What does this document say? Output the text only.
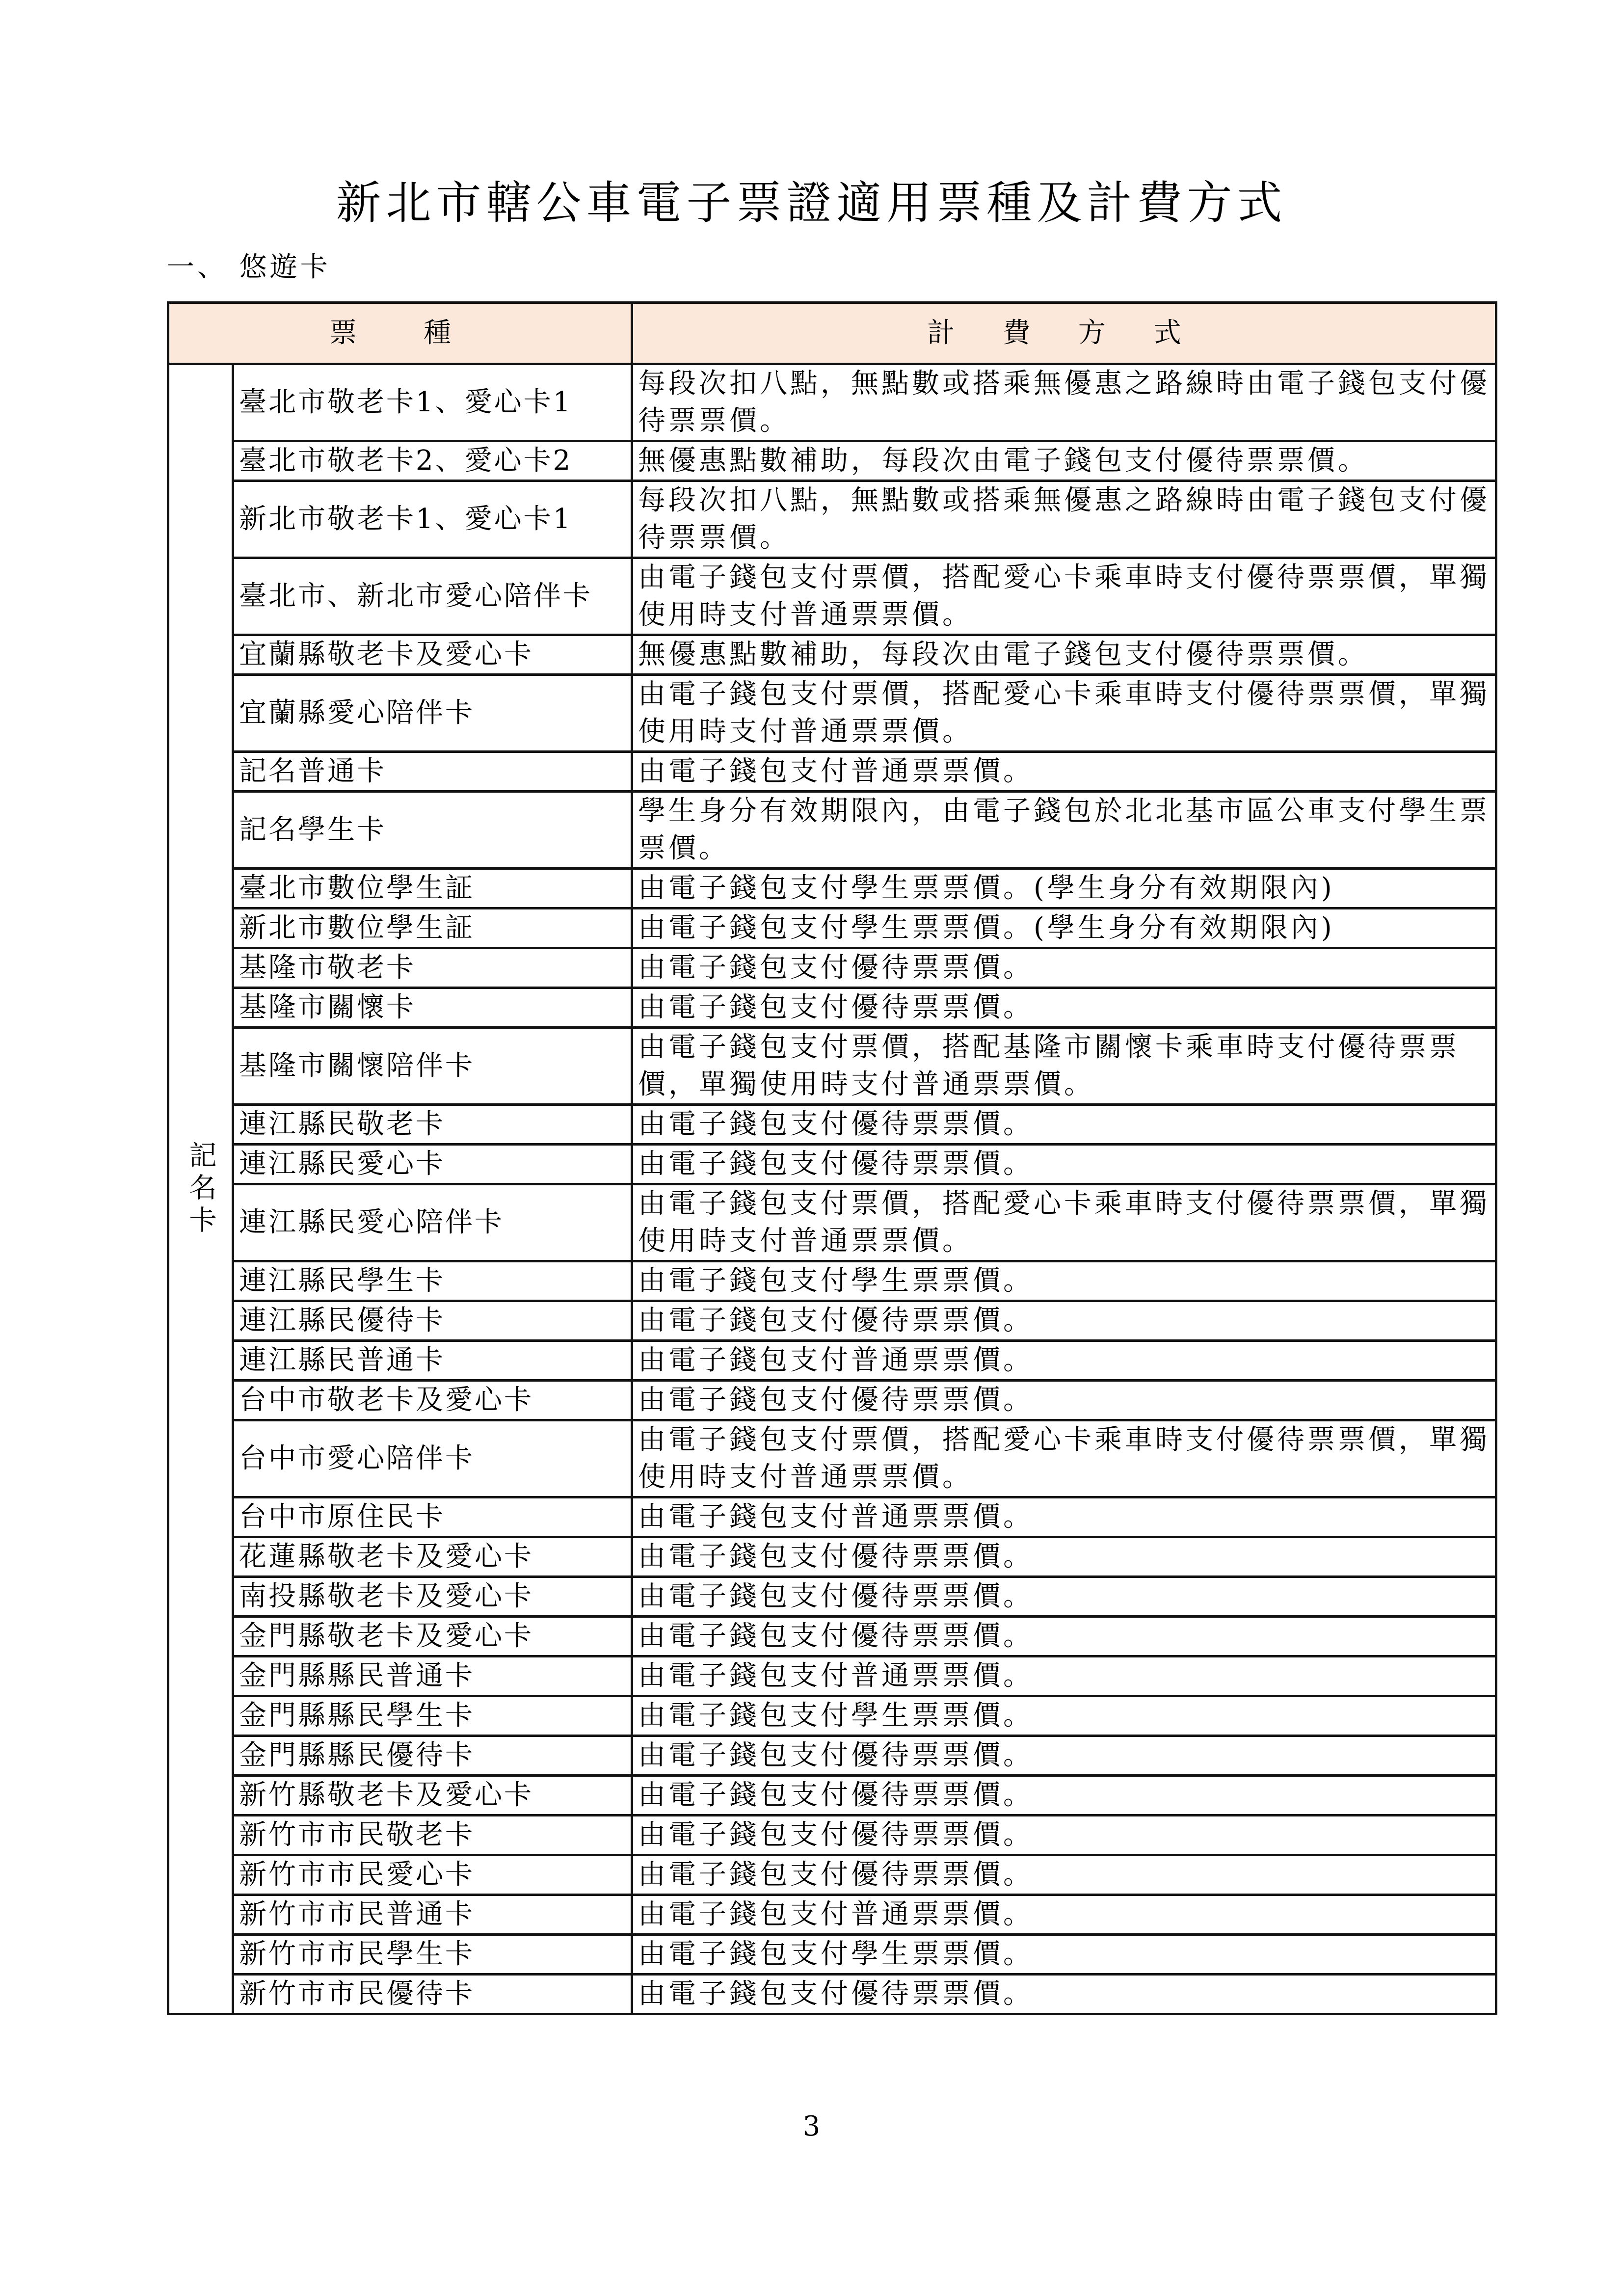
新北市轄公車電子票證適用票種及計費方式
一、 悠遊卡
票　種		計 費 方 式
記名卡	臺北市敬老卡1、愛心卡1	每段次扣八點，無點數或搭乘無優惠之路線時由電子錢包支付優待票票價。
	臺北市敬老卡2、愛心卡2	無優惠點數補助，每段次由電子錢包支付優待票票價。
	新北市敬老卡1、愛心卡1	每段次扣八點，無點數或搭乘無優惠之路線時由電子錢包支付優待票票價。
	臺北市、新北市愛心陪伴卡	由電子錢包支付票價，搭配愛心卡乘車時支付優待票票價，單獨使用時支付普通票票價。
	宜蘭縣敬老卡及愛心卡	無優惠點數補助，每段次由電子錢包支付優待票票價。
	宜蘭縣愛心陪伴卡	由電子錢包支付票價，搭配愛心卡乘車時支付優待票票價，單獨使用時支付普通票票價。
	記名普通卡	由電子錢包支付普通票票價。
	記名學生卡	學生身分有效期限內，由電子錢包於北北基市區公車支付學生票票價。
	臺北市數位學生証	由電子錢包支付學生票票價。(學生身分有效期限內)
	新北市數位學生証	由電子錢包支付學生票票價。(學生身分有效期限內)
	基隆市敬老卡	由電子錢包支付優待票票價。
	基隆市關懷卡	由電子錢包支付優待票票價。
	基隆市關懷陪伴卡	由電子錢包支付票價，搭配基隆市關懷卡乘車時支付優待票票價，單獨使用時支付普通票票價。
	連江縣民敬老卡	由電子錢包支付優待票票價。
	連江縣民愛心卡	由電子錢包支付優待票票價。
	連江縣民愛心陪伴卡	由電子錢包支付票價，搭配愛心卡乘車時支付優待票票價，單獨使用時支付普通票票價。
	連江縣民學生卡	由電子錢包支付學生票票價。
	連江縣民優待卡	由電子錢包支付優待票票價。
	連江縣民普通卡	由電子錢包支付普通票票價。
	台中市敬老卡及愛心卡	由電子錢包支付優待票票價。
	台中市愛心陪伴卡	由電子錢包支付票價，搭配愛心卡乘車時支付優待票票價，單獨使用時支付普通票票價。
	台中市原住民卡	由電子錢包支付普通票票價。
	花蓮縣敬老卡及愛心卡	由電子錢包支付優待票票價。
	南投縣敬老卡及愛心卡	由電子錢包支付優待票票價。
	金門縣敬老卡及愛心卡	由電子錢包支付優待票票價。
	金門縣縣民普通卡	由電子錢包支付普通票票價。
	金門縣縣民學生卡	由電子錢包支付學生票票價。
	金門縣縣民優待卡	由電子錢包支付優待票票價。
	新竹縣敬老卡及愛心卡	由電子錢包支付優待票票價。
	新竹市市民敬老卡	由電子錢包支付優待票票價。
	新竹市市民愛心卡	由電子錢包支付優待票票價。
	新竹市市民普通卡	由電子錢包支付普通票票價。
	新竹市市民學生卡	由電子錢包支付學生票票價。
	新竹市市民優待卡	由電子錢包支付優待票票價。
3
